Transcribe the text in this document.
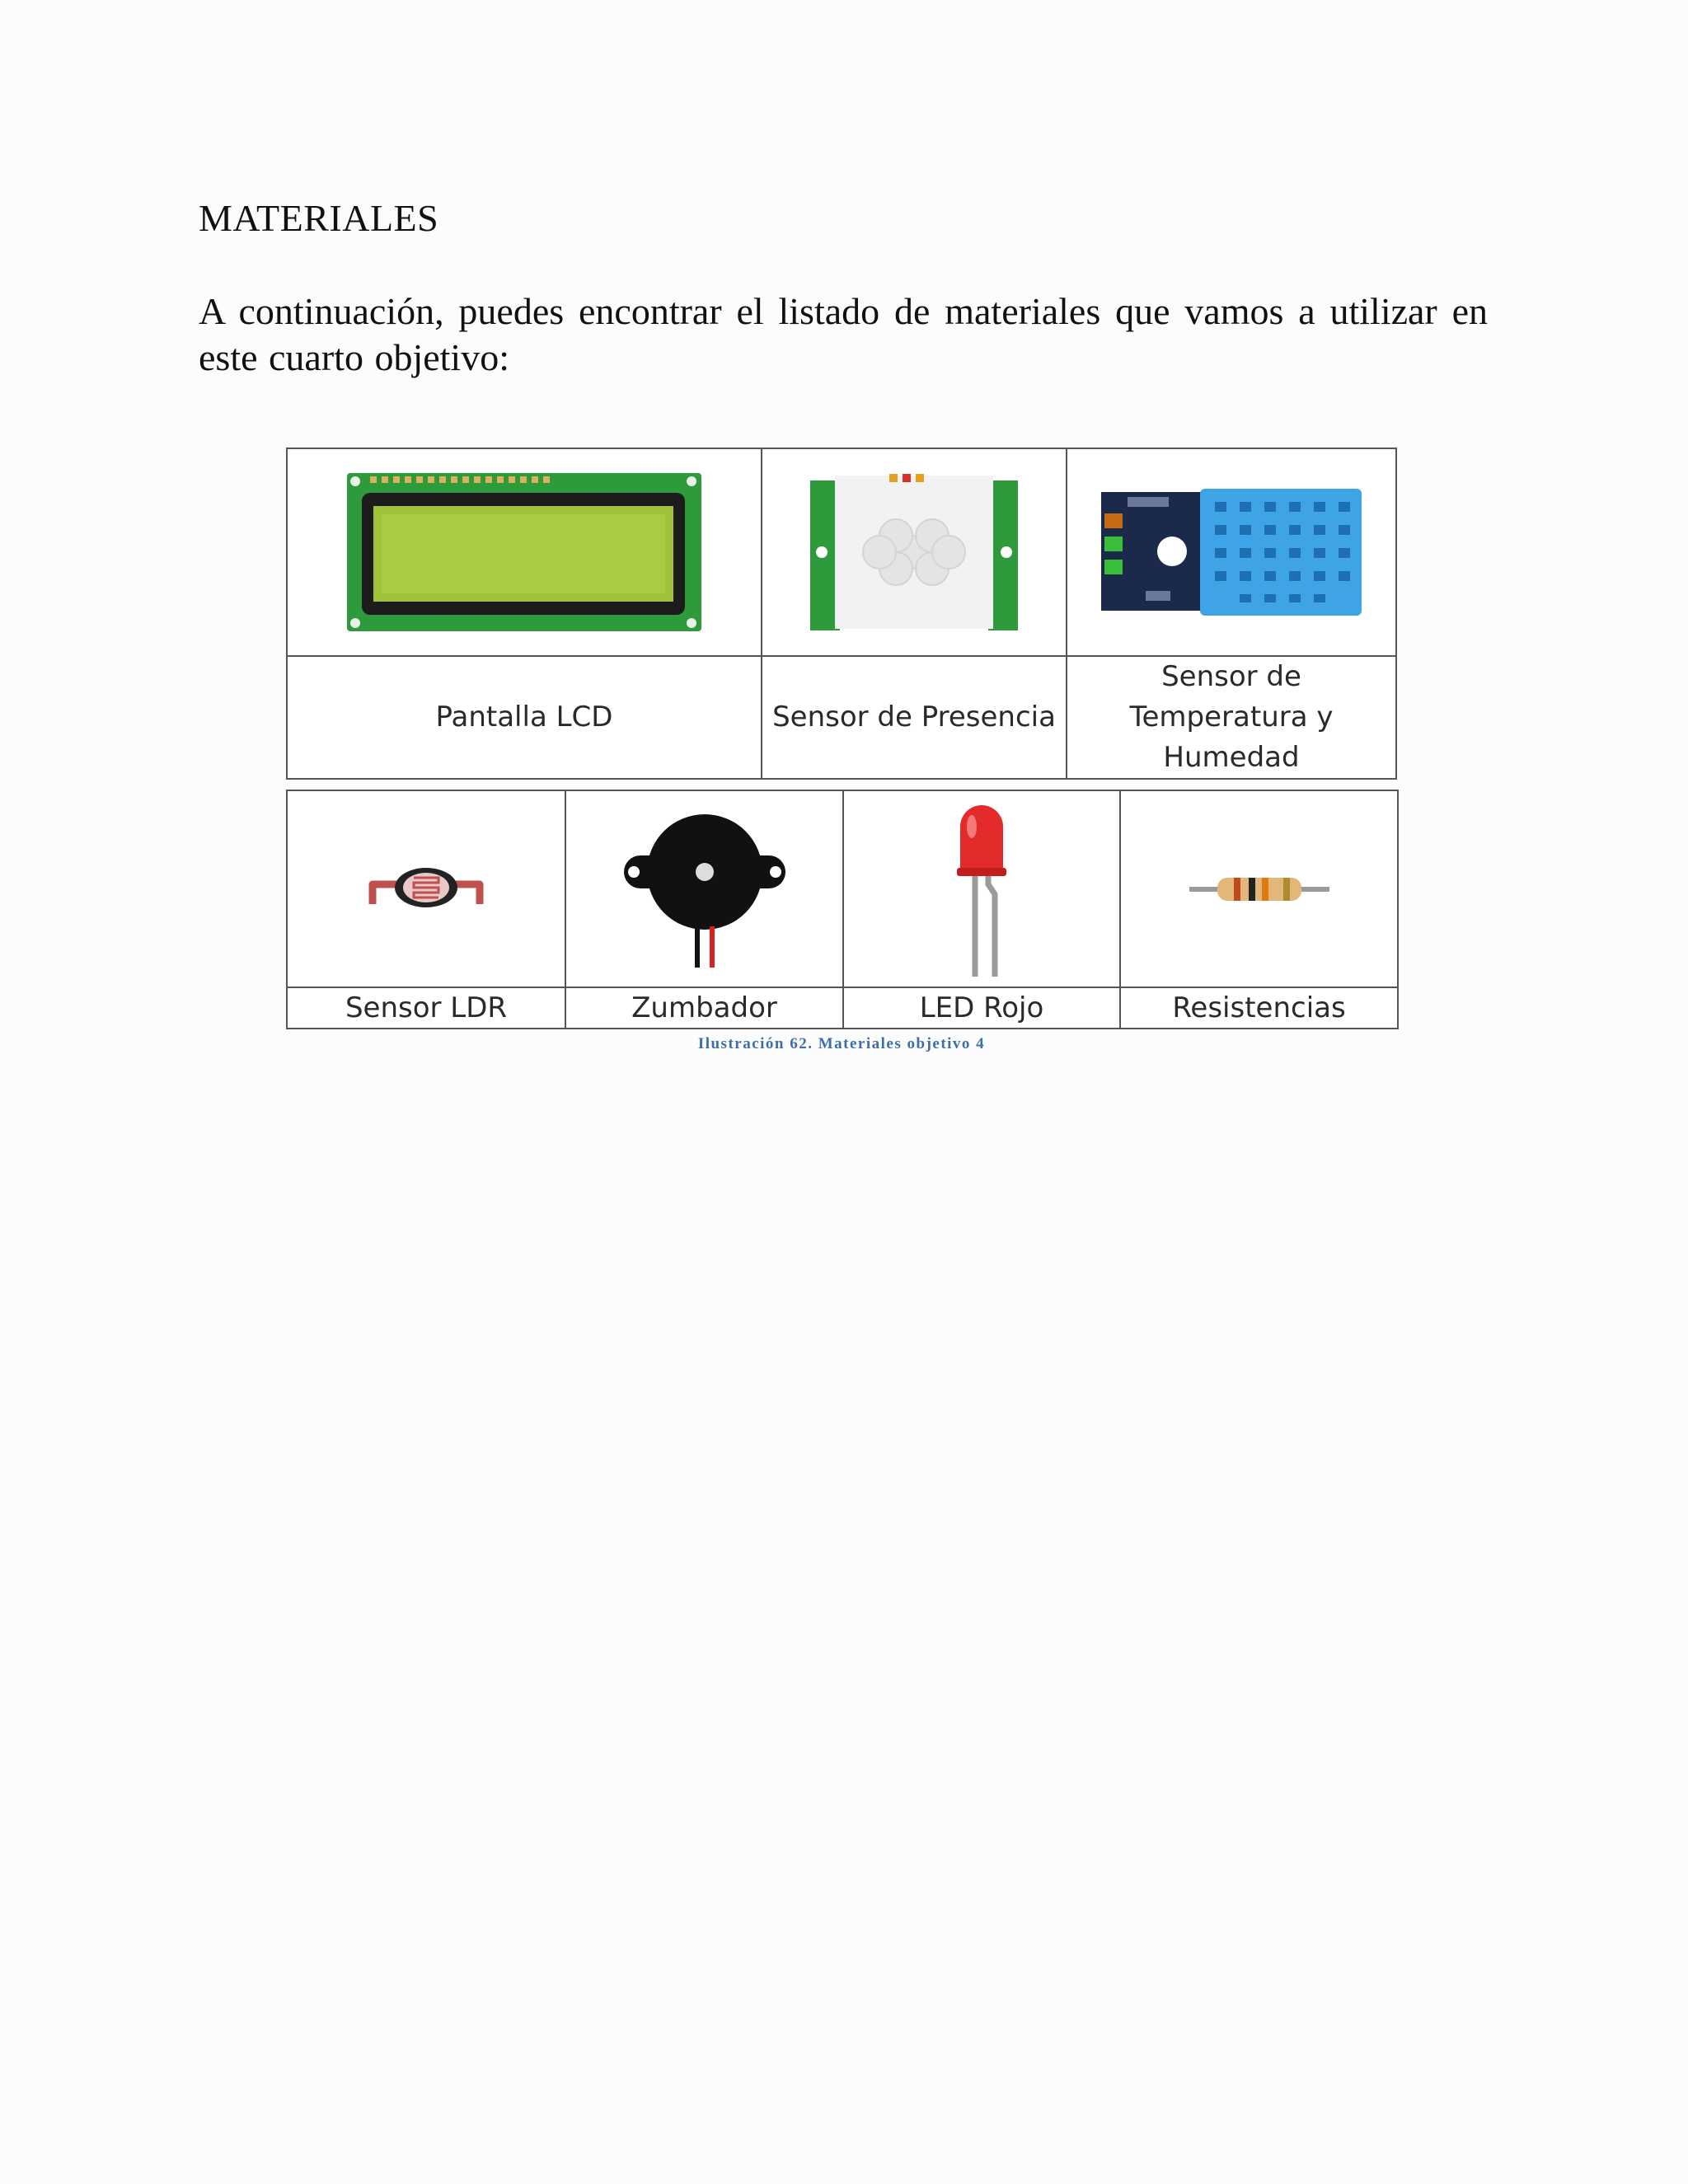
MATERIALES

A continuación, puedes encontrar el listado de materiales que vamos a utilizar en este cuarto objetivo:

Pantalla LCD	Sensor de Presencia	Sensor de
Temperatura y
Humedad

Sensor LDR	Zumbador	LED Rojo	Resistencias
Ilustración 62. Materiales objetivo 4
